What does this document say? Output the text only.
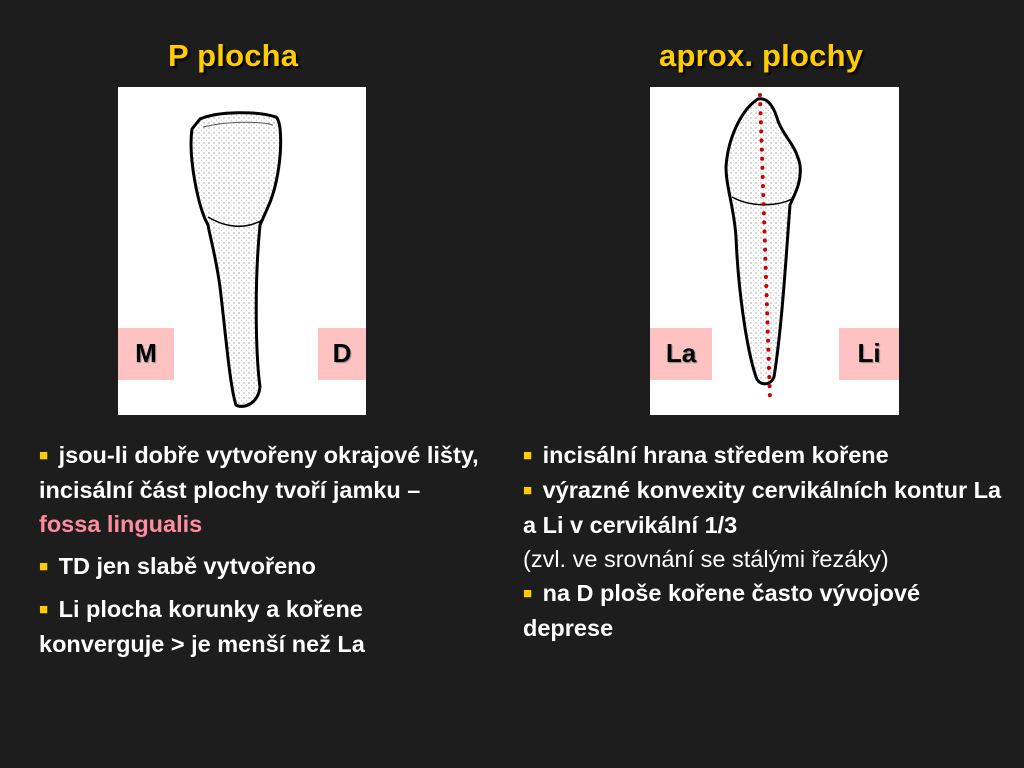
P plocha	aprox. plochy
M	D	La	Li

■ jsou-li dobře vytvořeny okrajové lišty, incisální část plochy tvoří jamku – fossa lingualis

■ TD jen slabě vytvořeno

■ Li plocha korunky a kořene konverguje > je menší než La

■ incisální hrana středem kořene
■ výrazné konvexity cervikálních kontur La a Li v cervikální 1/3
(zvl. ve srovnání se stálými řezáky)
■ na D ploše kořene často vývojové deprese
